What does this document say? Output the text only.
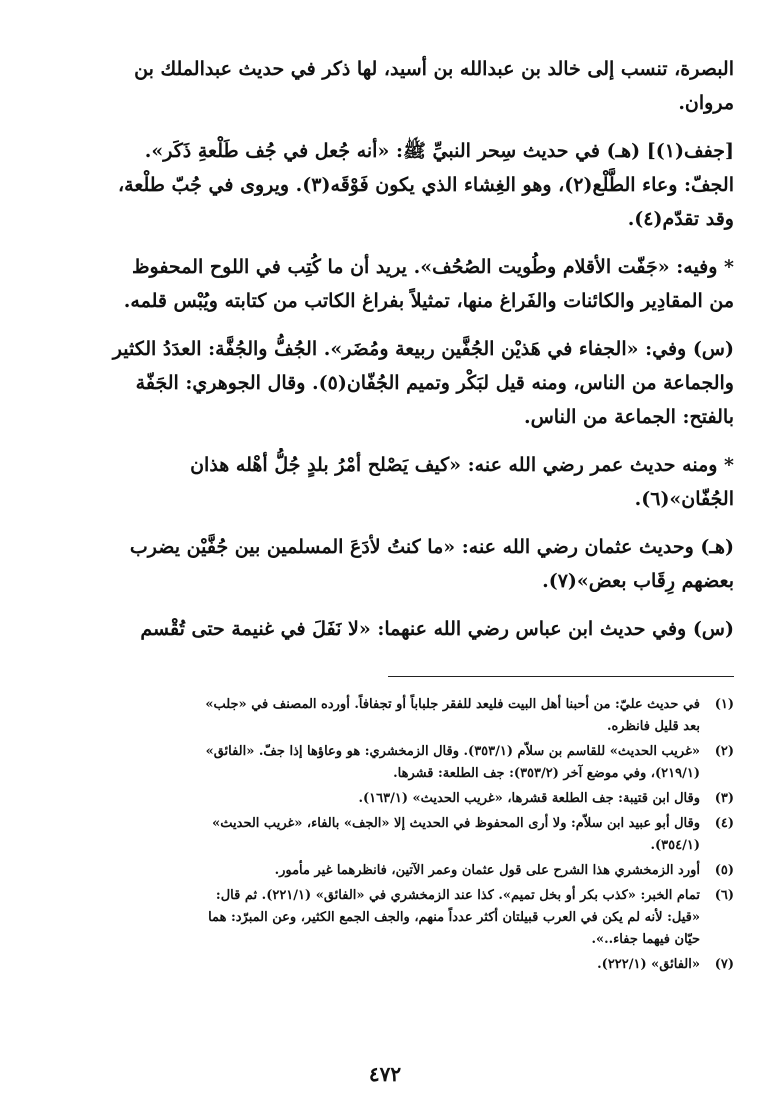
البصرة، تنسب إلى خالد بن عبدالله بن أسيد، لها ذكر في حديث عبدالملك بن
مروان.

[جفف(١)] (هـ) في حديث سِحر النبيِّ ﷺ: «أنه جُعل في جُف طَلْعةِ ذَكَر».
الجفّ: وعاء الطَّلْع(٢)، وهو الغِشاء الذي يكون فَوْقَه(٣). ويروى في جُبّ طلْعة،
وقد تقدّم(٤).

* وفيه: «جَفّت الأقلام وطُويت الصُحُف». يريد أن ما كُتِب في اللوح المحفوظ
من المقادِير والكائنات والفَراغ منها، تمثيلاً بفراغ الكاتب من كتابته ويُبْس قلمه.

(س) وفي: «الجفاء في هَذيْن الجُفَّين ربيعة ومُضَر». الجُفُّ والجُفَّة: العدَدُ الكثير
والجماعة من الناس، ومنه قيل لبَكْر وتميم الجُفّان(٥). وقال الجوهري: الجَفّة
بالفتح: الجماعة من الناس.

* ومنه حديث عمر رضي الله عنه: «كيف يَصْلح أمْرُ بلدٍ جُلُّ أهْله هذان
الجُفّان»(٦).

(هـ) وحديث عثمان رضي الله عنه: «ما كنتُ لأدَعَ المسلمين بين جُفَّيْن يضرب
بعضهم رِقَاب بعض»(٧).

(س) وفي حديث ابن عباس رضي الله عنهما: «لا نَفَلَ في غنيمة حتى تُقْسم

(١)
في حديث عليّ: من أحبنا أهل البيت فليعد للفقر جلباباً أو تجفافاً. أورده المصنف في «جلب»
بعد قليل فانظره.
(٢)
«غريب الحديث» للقاسم بن سلاّم (٣٥٣/١). وقال الزمخشري: هو وعاؤها إذا جفّ. «الفائق»
(٢١٩/١)، وفي موضع آخر (٣٥٣/٢): جف الطلعة: قشرها.
(٣)
وقال ابن قتيبة: جف الطلعة قشرها، «غريب الحديث» (١٦٣/١).
(٤)
وقال أبو عبيد ابن سلاّم: ولا أرى المحفوظ في الحديث إلا «الجف» بالفاء، «غريب الحديث»
(٣٥٤/١).
(٥)
أورد الزمخشري هذا الشرح على قول عثمان وعمر الآتين، فانظرهما غير مأمور.
(٦)
تمام الخبر: «كذب بكر أو بخل تميم». كذا عند الزمخشري في «الفائق» (٢٢١/١). ثم قال:
«قيل: لأنه لم يكن في العرب قبيلتان أكثر عدداً منهم، والجف الجمع الكثير، وعن المبرّد: هما
حيّان فيهما جفاء..».
(٧)
«الفائق» (٢٢٢/١).
٤٧٢
